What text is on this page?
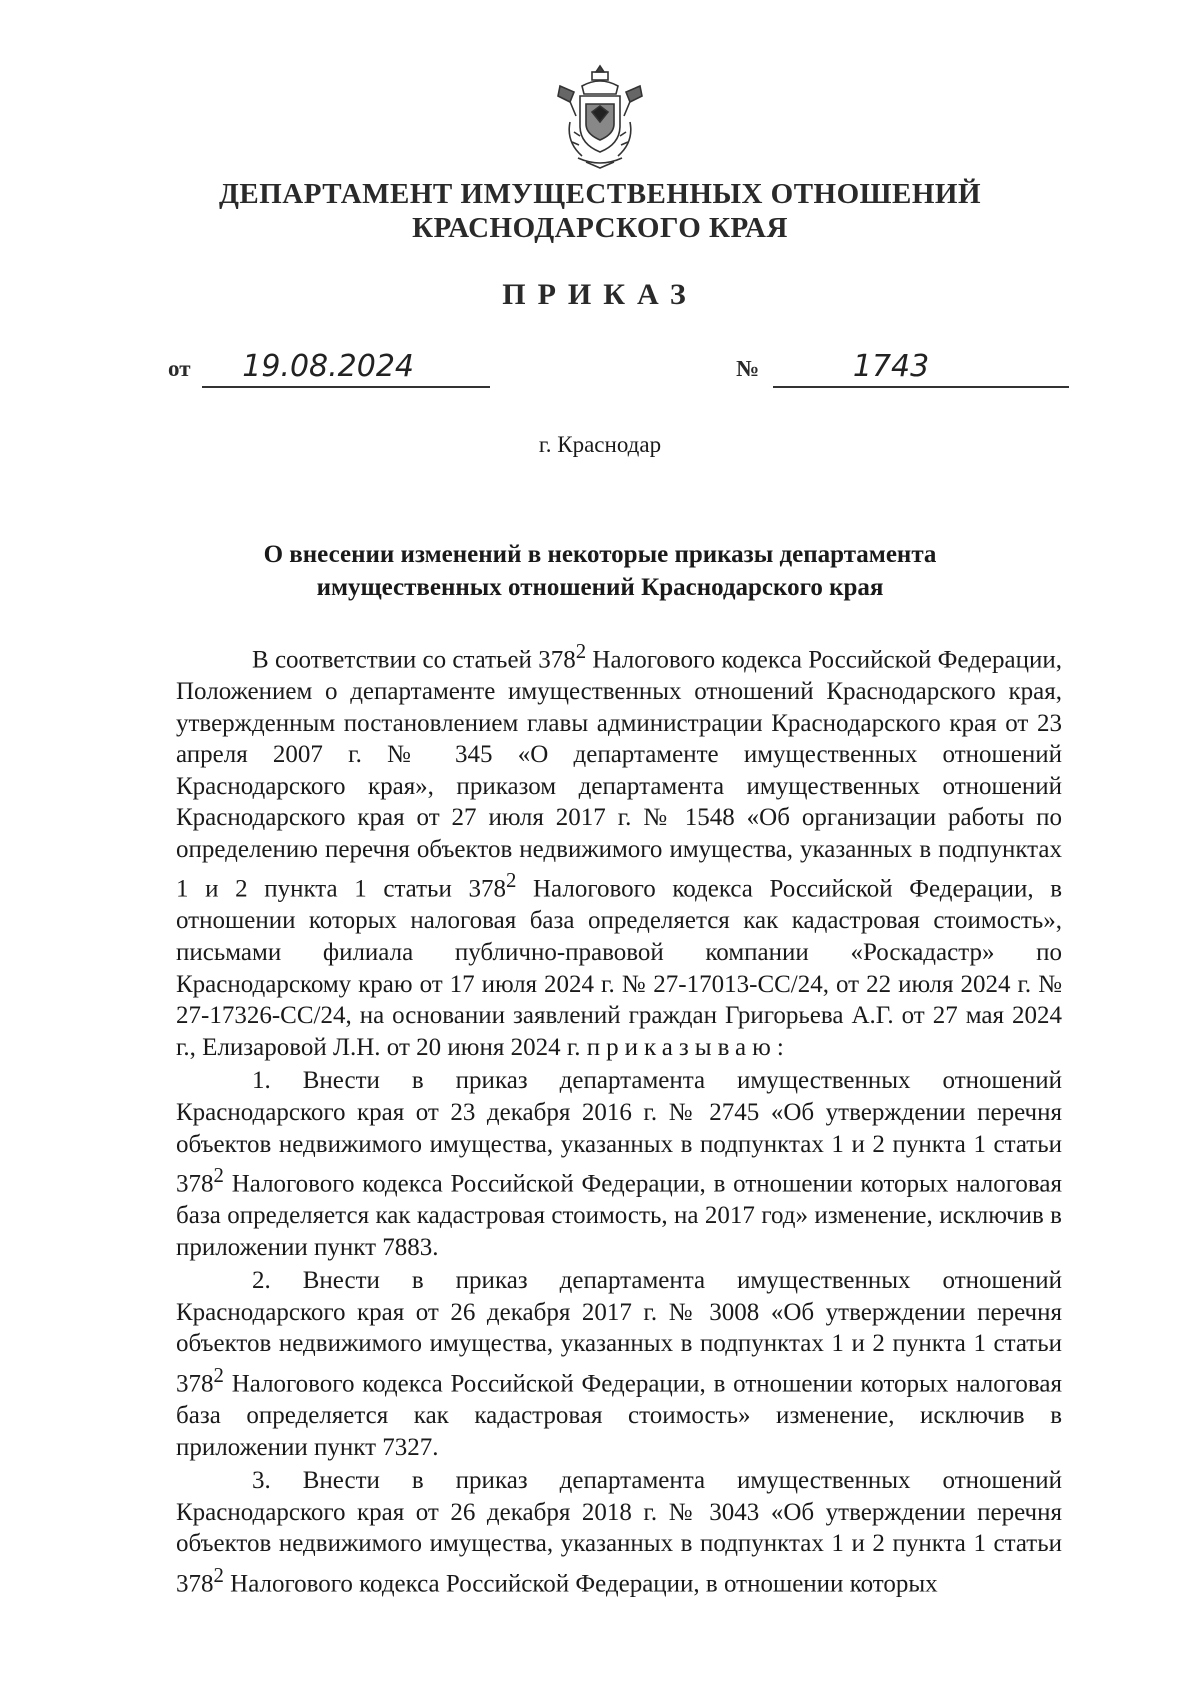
ДЕПАРТАМЕНТ ИМУЩЕСТВЕННЫХ ОТНОШЕНИЙ
КРАСНОДАРСКОГО КРАЯ
ПРИКАЗ
от 19.08.2024	№	1743
г. Краснодар
О внесении изменений в некоторые приказы департамента
имущественных отношений Краснодарского края

В соответствии со статьей $378^2$ Налогового кодекса Российской Федерации, Положением о департаменте имущественных отношений Краснодарского края, утвержденным постановлением главы администрации Краснодарского края от 23 апреля 2007 г. № 345 «О департаменте имущественных отношений Краснодарского края», приказом департамента имущественных отношений Краснодарского края от 27 июля 2017 г. № 1548 «Об организации работы по определению перечня объектов недвижимого имущества, указанных в подпунктах 1 и 2 пункта 1 статьи $378^2$ Налогового кодекса Российской Федерации, в отношении которых налоговая база определяется как кадастровая стоимость», письмами филиала публично-правовой компании «Роскадастр» по Краснодарскому краю от 17 июля 2024 г. № 27-17013-СС/24, от 22 июля 2024 г. № 27-17326-СС/24, на основании заявлений граждан Григорьева А.Г. от 27 мая 2024 г., Елизаровой Л.Н. от 20 июня 2024 г. приказываю:

1. Внести в приказ департамента имущественных отношений Краснодарского края от 23 декабря 2016 г. № 2745 «Об утверждении перечня объектов недвижимого имущества, указанных в подпунктах 1 и 2 пункта 1 статьи $378^2$ Налогового кодекса Российской Федерации, в отношении которых налоговая база определяется как кадастровая стоимость, на 2017 год» изменение, исключив в приложении пункт 7883.

2. Внести в приказ департамента имущественных отношений Краснодарского края от 26 декабря 2017 г. № 3008 «Об утверждении перечня объектов недвижимого имущества, указанных в подпунктах 1 и 2 пункта 1 статьи $378^2$ Налогового кодекса Российской Федерации, в отношении которых налоговая база определяется как кадастровая стоимость» изменение, исключив в приложении пункт 7327.

3. Внести в приказ департамента имущественных отношений Краснодарского края от 26 декабря 2018 г. № 3043 «Об утверждении перечня объектов недвижимого имущества, указанных в подпунктах 1 и 2 пункта 1 статьи $378^2$ Налогового кодекса Российской Федерации, в отношении которых
